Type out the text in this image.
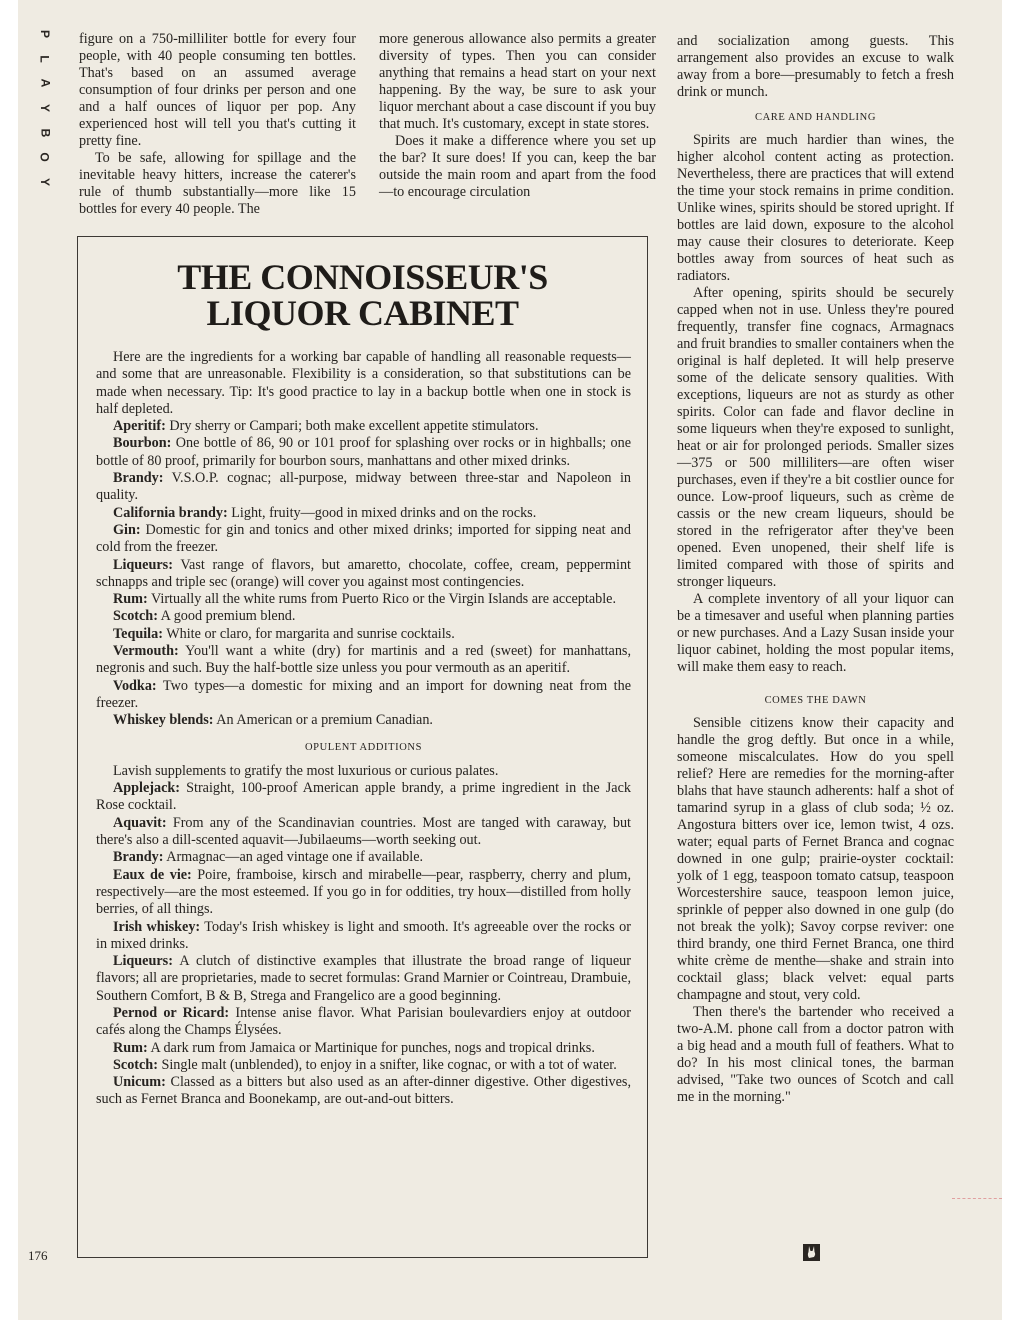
P
L
A
Y
B
O
Y

figure on a 750-milliliter bottle for every four people, with 40 people consuming ten bottles. That's based on an assumed average consumption of four drinks per person and one and a half ounces of liquor per pop. Any experienced host will tell you that's cutting it pretty fine.

To be safe, allowing for spillage and the inevitable heavy hitters, increase the caterer's rule of thumb substantially—more like 15 bottles for every 40 people. The

more generous allowance also permits a greater diversity of types. Then you can consider anything that remains a head start on your next happening. By the way, be sure to ask your liquor merchant about a case discount if you buy that much. It's customary, except in state stores.

Does it make a difference where you set up the bar? It sure does! If you can, keep the bar outside the main room and apart from the food—to encourage circulation

and socialization among guests. This arrangement also provides an excuse to walk away from a bore—presumably to fetch a fresh drink or munch.

CARE AND HANDLING

Spirits are much hardier than wines, the higher alcohol content acting as protection. Nevertheless, there are practices that will extend the time your stock remains in prime condition. Unlike wines, spirits should be stored upright. If bottles are laid down, exposure to the alcohol may cause their closures to deteriorate. Keep bottles away from sources of heat such as radiators.

After opening, spirits should be securely capped when not in use. Unless they're poured frequently, transfer fine cognacs, Armagnacs and fruit brandies to smaller containers when the original is half depleted. It will help preserve some of the delicate sensory qualities. With exceptions, liqueurs are not as sturdy as other spirits. Color can fade and flavor decline in some liqueurs when they're exposed to sunlight, heat or air for prolonged periods. Smaller sizes—375 or 500 milliliters—are often wiser purchases, even if they're a bit costlier ounce for ounce. Low-proof liqueurs, such as crème de cassis or the new cream liqueurs, should be stored in the refrigerator after they've been opened. Even unopened, their shelf life is limited compared with those of spirits and stronger liqueurs.

A complete inventory of all your liquor can be a timesaver and useful when planning parties or new purchases. And a Lazy Susan inside your liquor cabinet, holding the most popular items, will make them easy to reach.

COMES THE DAWN

Sensible citizens know their capacity and handle the grog deftly. But once in a while, someone miscalculates. How do you spell relief? Here are remedies for the morning-after blahs that have staunch adherents: half a shot of tamarind syrup in a glass of club soda; ½ oz. Angostura bitters over ice, lemon twist, 4 ozs. water; equal parts of Fernet Branca and cognac downed in one gulp; prairie-oyster cocktail: yolk of 1 egg, teaspoon tomato catsup, teaspoon Worcestershire sauce, teaspoon lemon juice, sprinkle of pepper also downed in one gulp (do not break the yolk); Savoy corpse reviver: one third brandy, one third Fernet Branca, one third white crème de menthe—shake and strain into cocktail glass; black velvet: equal parts champagne and stout, very cold.

Then there's the bartender who received a two-A.M. phone call from a doctor patron with a big head and a mouth full of feathers. What to do? In his most clinical tones, the barman advised, "Take two ounces of Scotch and call me in the morning."

THE CONNOISSEUR'S
LIQUOR CABINET

Here are the ingredients for a working bar capable of handling all reasonable requests—and some that are unreasonable. Flexibility is a consideration, so that substitutions can be made when necessary. Tip: It's good practice to lay in a backup bottle when one in stock is half depleted.

Aperitif: Dry sherry or Campari; both make excellent appetite stimulators.

Bourbon: One bottle of 86, 90 or 101 proof for splashing over rocks or in highballs; one bottle of 80 proof, primarily for bourbon sours, manhattans and other mixed drinks.

Brandy: V.S.O.P. cognac; all-purpose, midway between three-star and Napoleon in quality.

California brandy: Light, fruity—good in mixed drinks and on the rocks.

Gin: Domestic for gin and tonics and other mixed drinks; imported for sipping neat and cold from the freezer.

Liqueurs: Vast range of flavors, but amaretto, chocolate, coffee, cream, peppermint schnapps and triple sec (orange) will cover you against most contingencies.

Rum: Virtually all the white rums from Puerto Rico or the Virgin Islands are acceptable.

Scotch: A good premium blend.

Tequila: White or claro, for margarita and sunrise cocktails.

Vermouth: You'll want a white (dry) for martinis and a red (sweet) for manhattans, negronis and such. Buy the half-bottle size unless you pour vermouth as an aperitif.

Vodka: Two types—a domestic for mixing and an import for downing neat from the freezer.

Whiskey blends: An American or a premium Canadian.

OPULENT ADDITIONS

Lavish supplements to gratify the most luxurious or curious palates.

Applejack: Straight, 100-proof American apple brandy, a prime ingredient in the Jack Rose cocktail.

Aquavit: From any of the Scandinavian countries. Most are tanged with caraway, but there's also a dill-scented aquavit—Jubilaeums—worth seeking out.

Brandy: Armagnac—an aged vintage one if available.

Eaux de vie: Poire, framboise, kirsch and mirabelle—pear, raspberry, cherry and plum, respectively—are the most esteemed. If you go in for oddities, try houx—distilled from holly berries, of all things.

Irish whiskey: Today's Irish whiskey is light and smooth. It's agreeable over the rocks or in mixed drinks.

Liqueurs: A clutch of distinctive examples that illustrate the broad range of liqueur flavors; all are proprietaries, made to secret formulas: Grand Marnier or Cointreau, Drambuie, Southern Comfort, B & B, Strega and Frangelico are a good beginning.

Pernod or Ricard: Intense anise flavor. What Parisian boulevardiers enjoy at outdoor cafés along the Champs Élysées.

Rum: A dark rum from Jamaica or Martinique for punches, nogs and tropical drinks.

Scotch: Single malt (unblended), to enjoy in a snifter, like cognac, or with a tot of water.

Unicum: Classed as a bitters but also used as an after-dinner digestive. Other digestives, such as Fernet Branca and Boonekamp, are out-and-out bitters.

176
